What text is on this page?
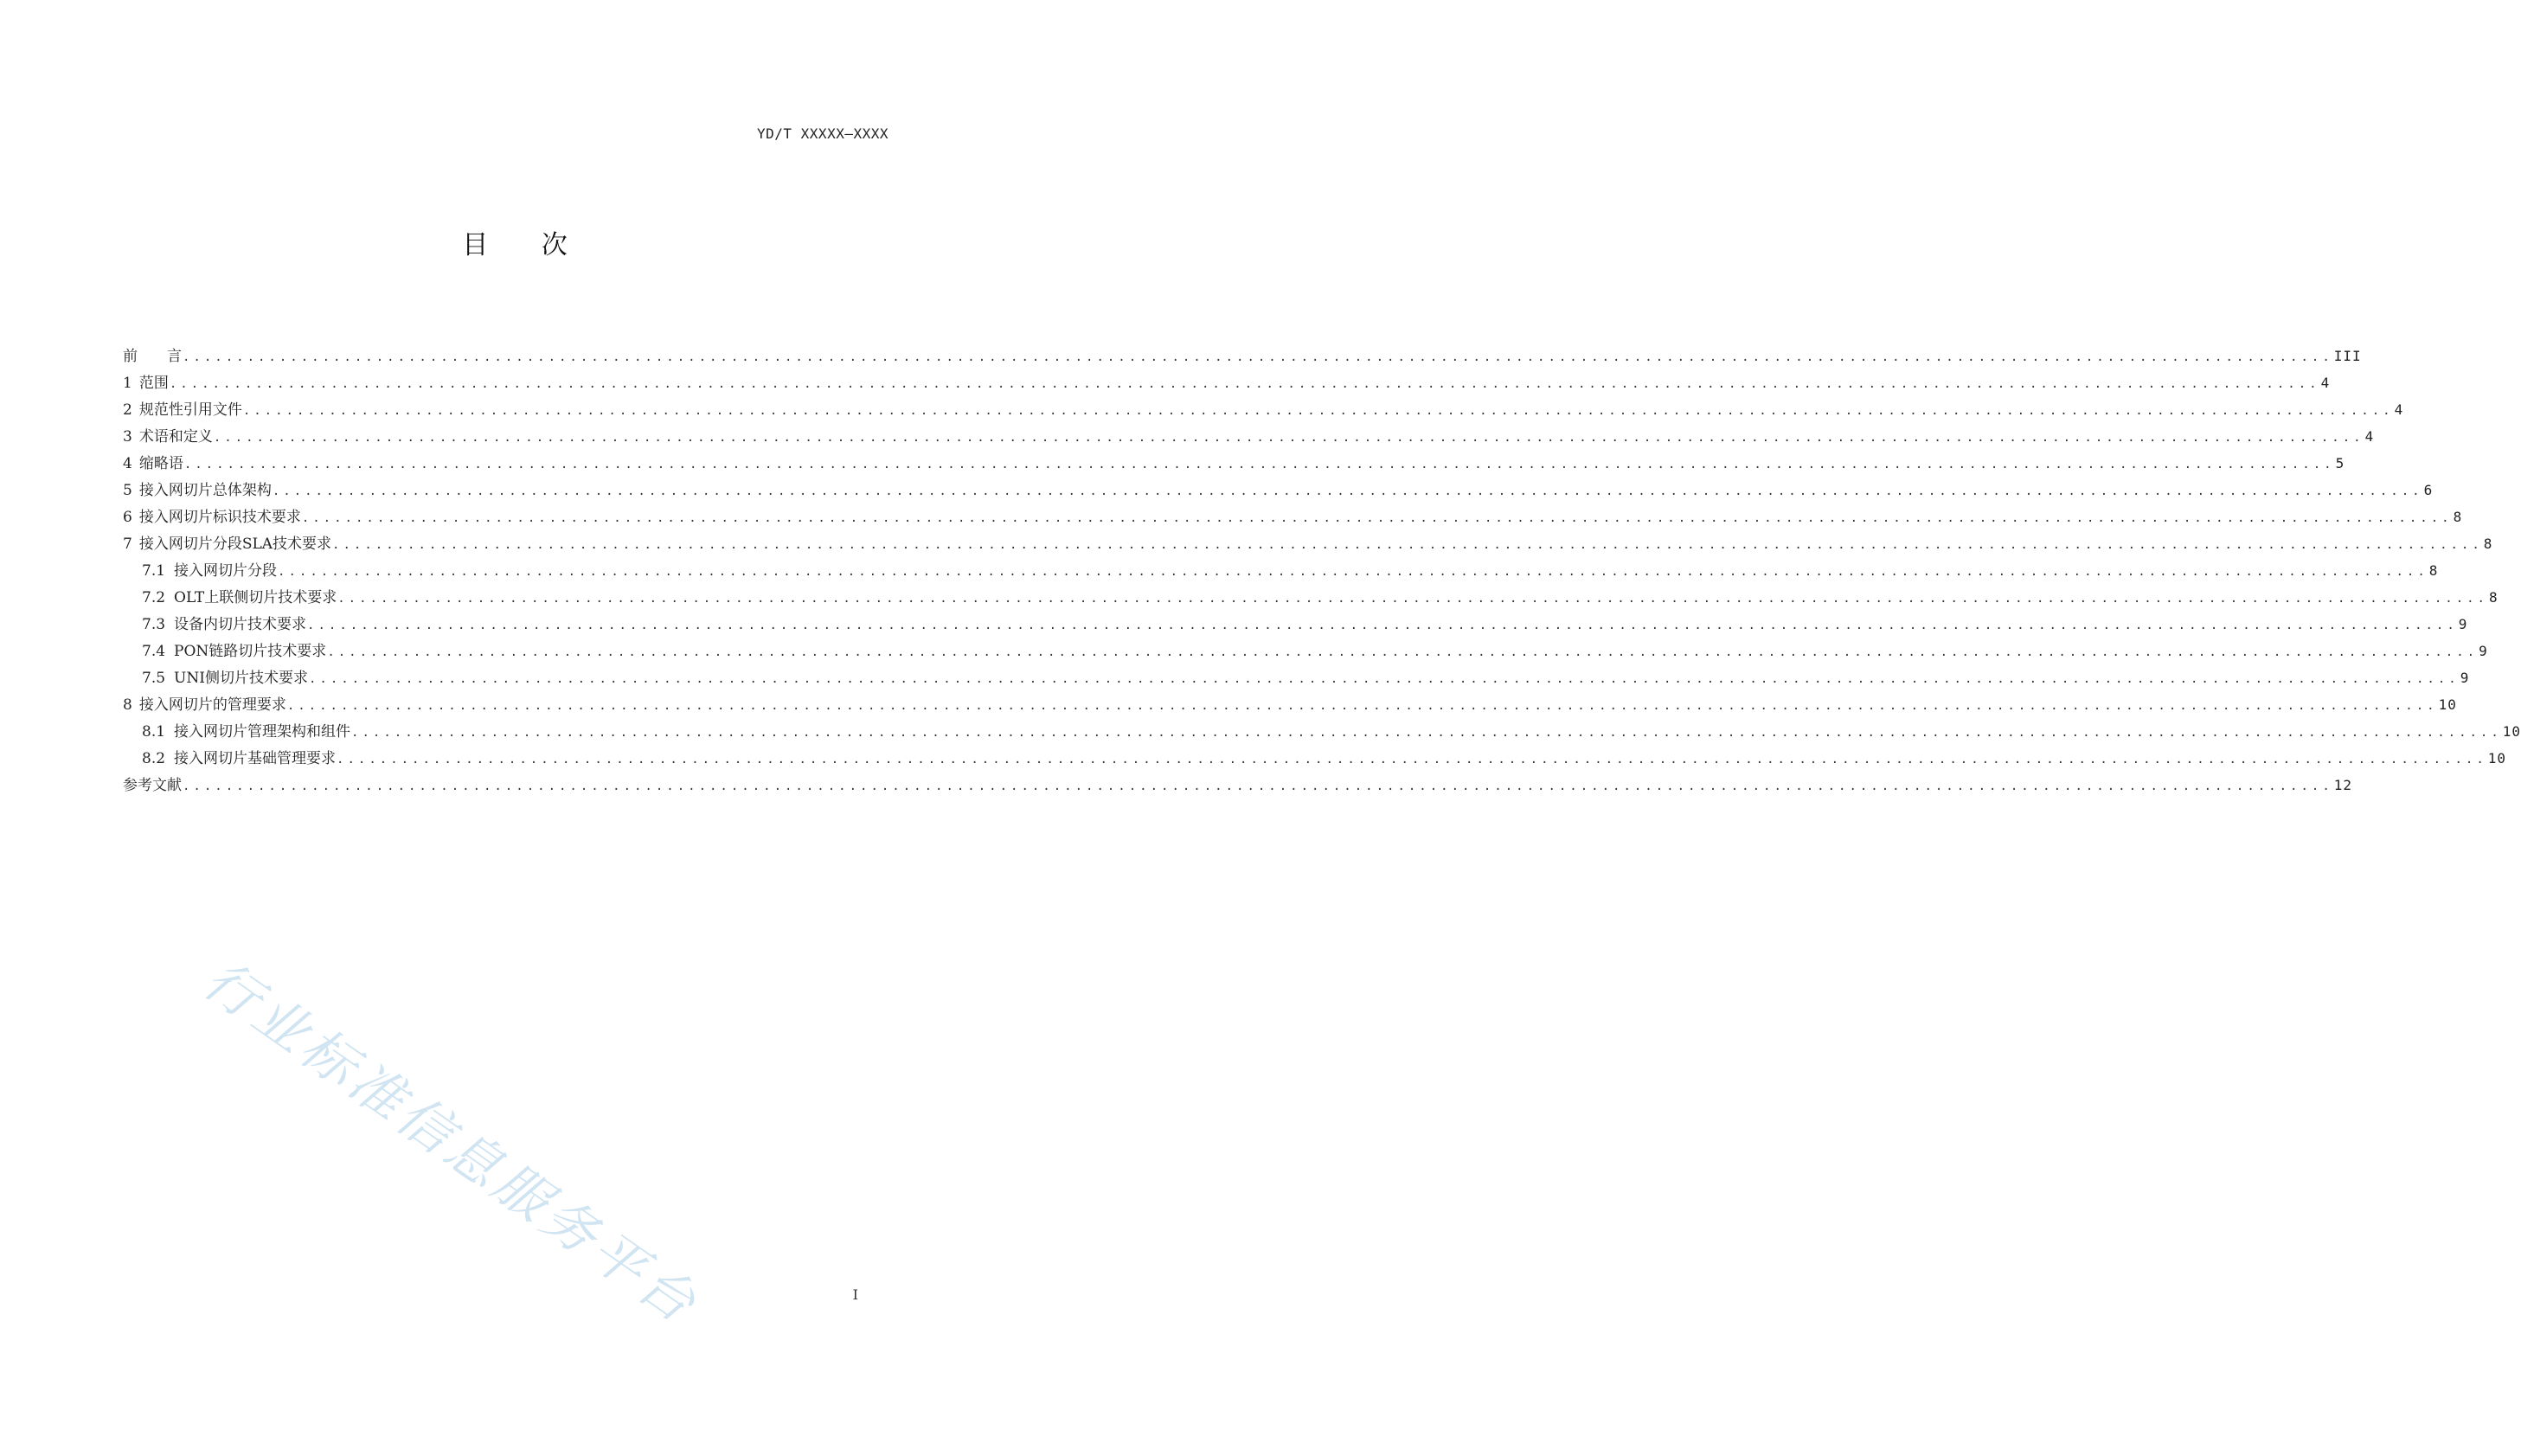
YD/T XXXXX—XXXX
目 次
前　　言 ........................................................................................................................................................................................................ III
1 范围 ........................................................................................................................................................................................................ 4
2 规范性引用文件 ........................................................................................................................................................................................................ 4
3 术语和定义 ........................................................................................................................................................................................................ 4
4 缩略语 ........................................................................................................................................................................................................ 5
5 接入网切片总体架构 ........................................................................................................................................................................................................ 6
6 接入网切片标识技术要求 ........................................................................................................................................................................................................ 8
7 接入网切片分段SLA技术要求 ........................................................................................................................................................................................................ 8
7.1 接入网切片分段 ........................................................................................................................................................................................................ 8
7.2 OLT上联侧切片技术要求 ........................................................................................................................................................................................................ 8
7.3 设备内切片技术要求 ........................................................................................................................................................................................................ 9
7.4 PON链路切片技术要求 ........................................................................................................................................................................................................ 9
7.5 UNI侧切片技术要求 ........................................................................................................................................................................................................ 9
8 接入网切片的管理要求 ........................................................................................................................................................................................................ 10
8.1 接入网切片管理架构和组件 ........................................................................................................................................................................................................ 10
8.2 接入网切片基础管理要求 ........................................................................................................................................................................................................ 10
参考文献 ........................................................................................................................................................................................................ 12
行业标准信息服务平台	I
